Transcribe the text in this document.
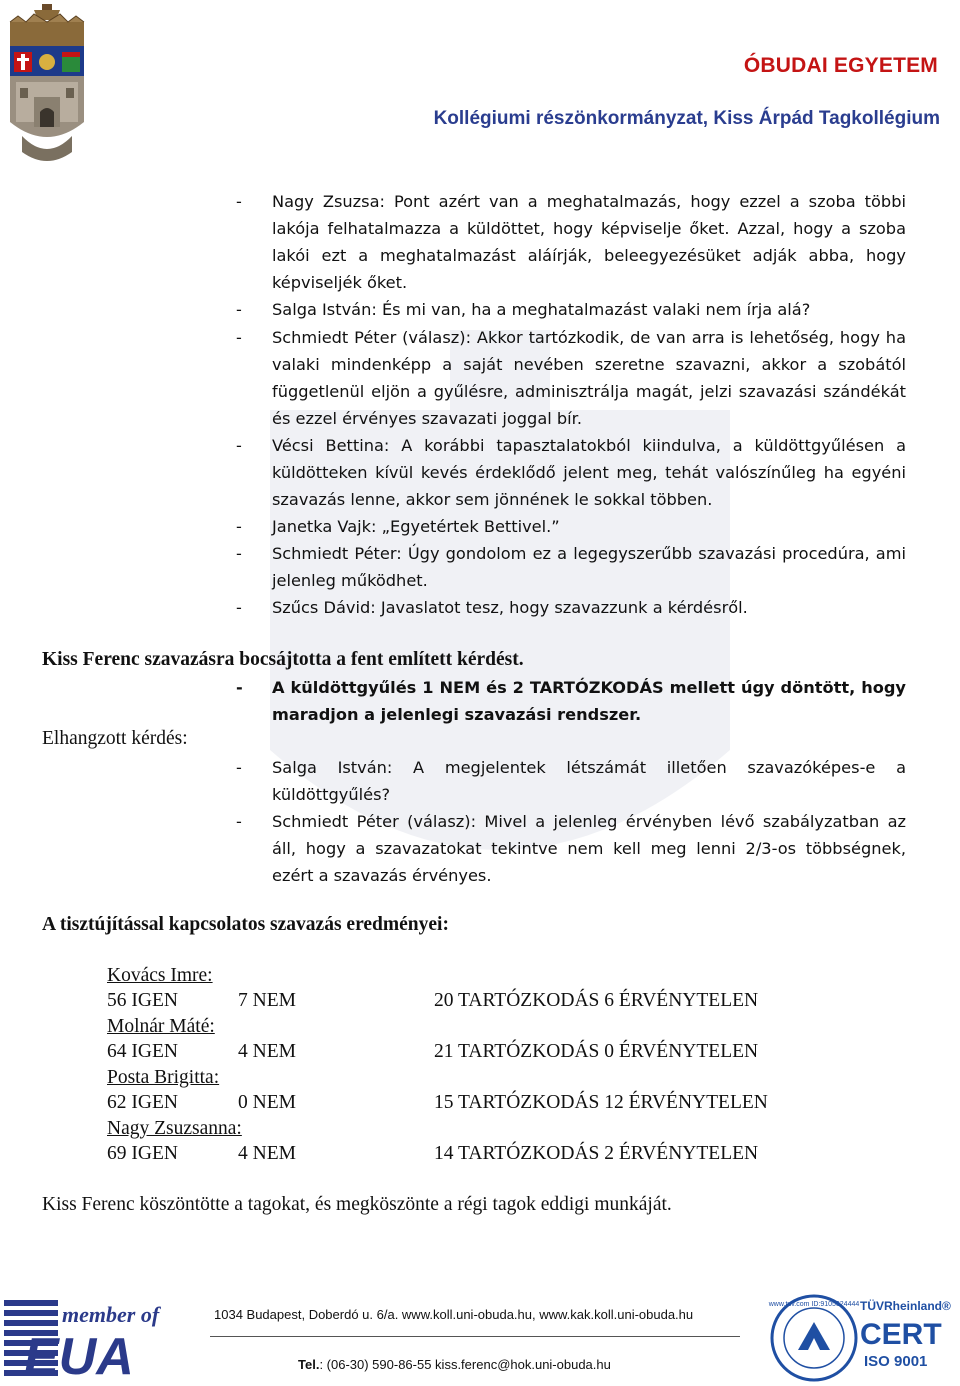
ÓBUDAI EGYETEM
Kollégiumi részönkormányzat, Kiss Árpád Tagkollégium
- Nagy Zsuzsa: Pont azért van a meghatalmazás, hogy ezzel a szoba többi lakója felhatalmazza a küldöttet, hogy képviselje őket. Azzal, hogy a szoba lakói ezt a meghatalmazást aláírják, beleegyezésüket adják abba, hogy képviseljék őket.
- Salga István: És mi van, ha a meghatalmazást valaki nem írja alá?
- Schmiedt Péter (válasz): Akkor tartózkodik, de van arra is lehetőség, hogy ha valaki mindenképp a saját nevében szeretne szavazni, akkor a szobától függetlenül eljön a gyűlésre, adminisztrálja magát, jelzi szavazási szándékát és ezzel érvényes szavazati joggal bír.
- Vécsi Bettina: A korábbi tapasztalatokból kiindulva, a küldöttgyűlésen a küldötteken kívül kevés érdeklődő jelent meg, tehát valószínűleg ha egyéni szavazás lenne, akkor sem jönnének le sokkal többen.
- Janetka Vajk: „Egyetértek Bettivel.”
- Schmiedt Péter: Úgy gondolom ez a legegyszerűbb szavazási procedúra, ami jelenleg működhet.
- Szűcs Dávid: Javaslatot tesz, hogy szavazzunk a kérdésről.
Kiss Ferenc szavazásra bocsájtotta a fent említett kérdést.
- A küldöttgyűlés 1 NEM és 2 TARTÓZKODÁS mellett úgy döntött, hogy maradjon a jelenlegi szavazási rendszer.
Elhangzott kérdés:
- Salga István: A megjelentek létszámát illetően szavazóképes-e a küldöttgyűlés?
- Schmiedt Péter (válasz): Mivel a jelenleg érvényben lévő szabályzatban az áll, hogy a szavazatokat tekintve nem kell meg lenni 2/3-os többségnek, ezért a szavazás érvényes.
A tisztújítással kapcsolatos szavazás eredményei:
Kovács Imre:
56 IGEN	7 NEM	20 TARTÓZKODÁS 6 ÉRVÉNYTELEN
Molnár Máté:
64 IGEN	4 NEM	21 TARTÓZKODÁS 0 ÉRVÉNYTELEN
Posta Brigitta:
62 IGEN	0 NEM	15 TARTÓZKODÁS 12 ÉRVÉNYTELEN
Nagy Zsuzsanna:
69 IGEN	4 NEM	14 TARTÓZKODÁS 2 ÉRVÉNYTELEN
Kiss Ferenc köszöntötte a tagokat, és megköszönte a régi tagok eddigi munkáját.
member of
EUA
1034 Budapest, Doberdó u. 6/a. www.koll.uni-obuda.hu, www.kak.koll.uni-obuda.hu
Tel.: (06-30) 590-86-55 kiss.ferenc@hok.uni-obuda.hu
www.tuv.com ID:9105024444 TÜVRheinland®
CERT
ISO 9001
